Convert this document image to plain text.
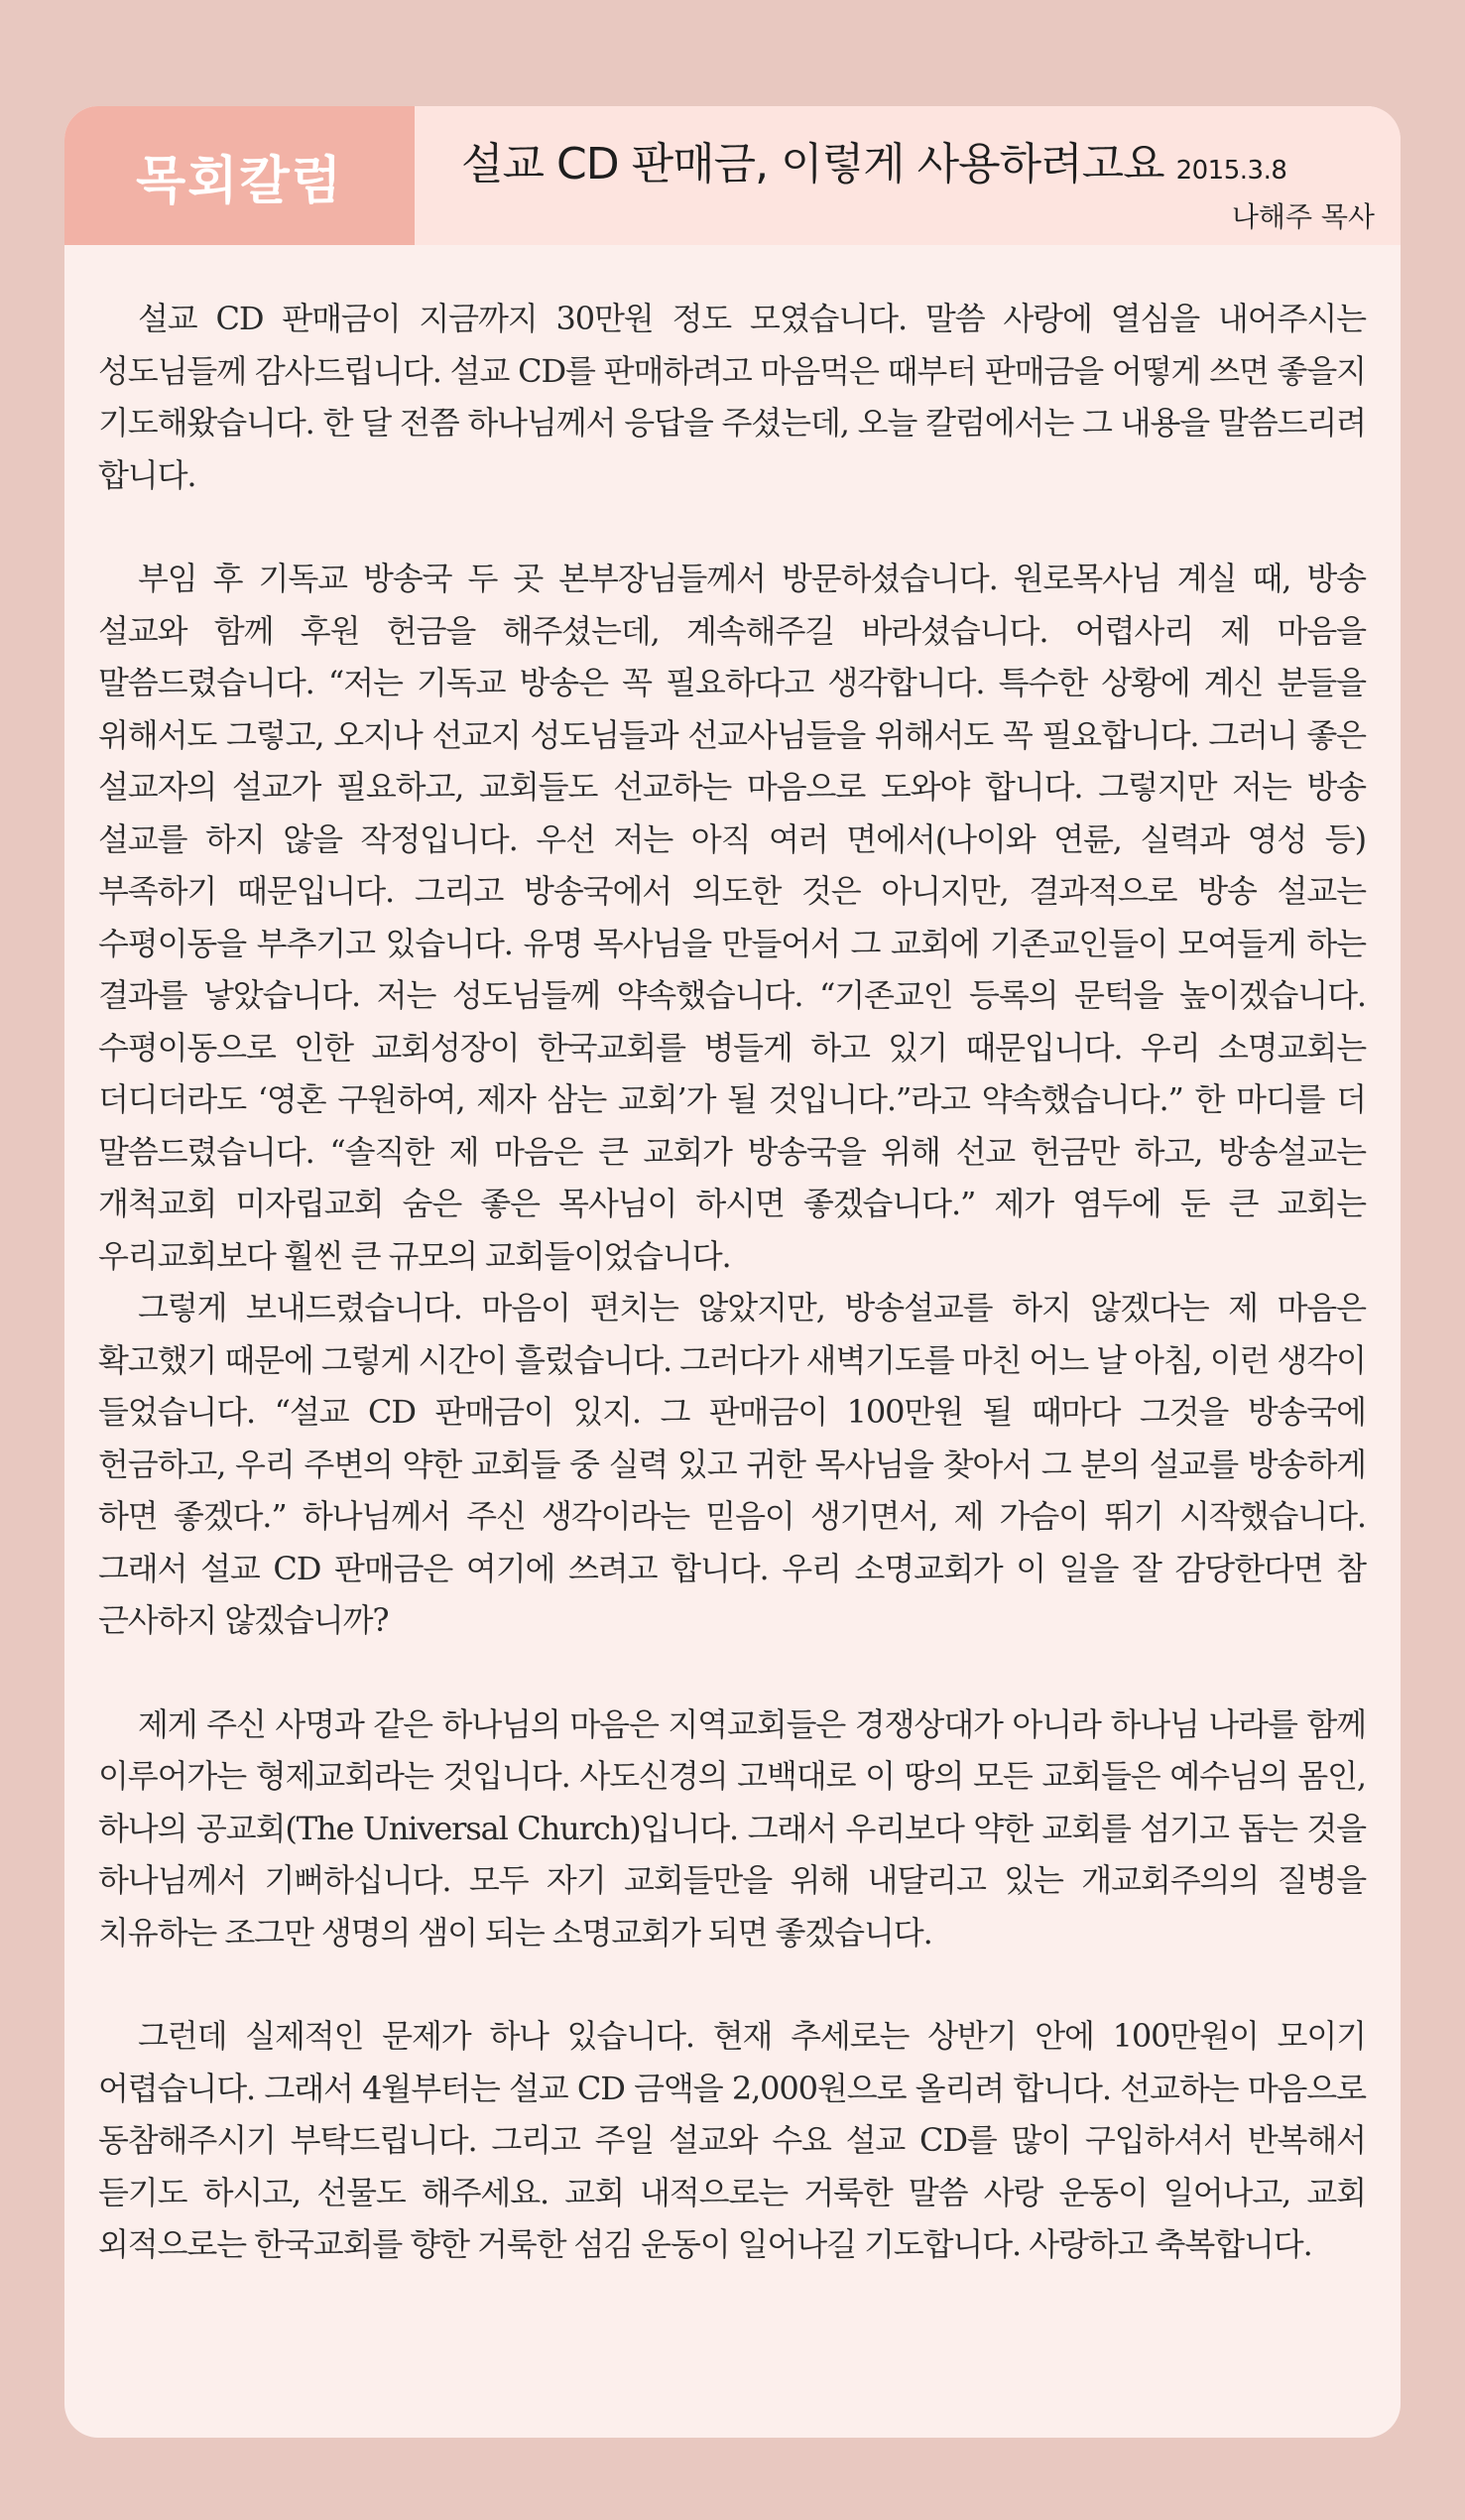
목회칼럼	설교 CD 판매금, 이렇게 사용하려고요 2015.3.8
나해주 목사

설교 CD 판매금이 지금까지 30만원 정도 모였습니다. 말씀 사랑에 열심을 내어주시는 성도님들께 감사드립니다. 설교 CD를 판매하려고 마음먹은 때부터 판매금을 어떻게 쓰면 좋을지 기도해왔습니다. 한 달 전쯤 하나님께서 응답을 주셨는데, 오늘 칼럼에서는 그 내용을 말씀드리려 합니다.

부임 후 기독교 방송국 두 곳 본부장님들께서 방문하셨습니다. 원로목사님 계실 때, 방송 설교와 함께 후원 헌금을 해주셨는데, 계속해주길 바라셨습니다. 어렵사리 제 마음을 말씀드렸습니다. “저는 기독교 방송은 꼭 필요하다고 생각합니다. 특수한 상황에 계신 분들을 위해서도 그렇고, 오지나 선교지 성도님들과 선교사님들을 위해서도 꼭 필요합니다. 그러니 좋은 설교자의 설교가 필요하고, 교회들도 선교하는 마음으로 도와야 합니다. 그렇지만 저는 방송 설교를 하지 않을 작정입니다. 우선 저는 아직 여러 면에서(나이와 연륜, 실력과 영성 등) 부족하기 때문입니다. 그리고 방송국에서 의도한 것은 아니지만, 결과적으로 방송 설교는 수평이동을 부추기고 있습니다. 유명 목사님을 만들어서 그 교회에 기존교인들이 모여들게 하는 결과를 낳았습니다. 저는 성도님들께 약속했습니다. “기존교인 등록의 문턱을 높이겠습니다. 수평이동으로 인한 교회성장이 한국교회를 병들게 하고 있기 때문입니다. 우리 소명교회는 더디더라도 ‘영혼 구원하여, 제자 삼는 교회’가 될 것입니다.”라고 약속했습니다.” 한 마디를 더 말씀드렸습니다. “솔직한 제 마음은 큰 교회가 방송국을 위해 선교 헌금만 하고, 방송설교는 개척교회 미자립교회 숨은 좋은 목사님이 하시면 좋겠습니다.” 제가 염두에 둔 큰 교회는 우리교회보다 훨씬 큰 규모의 교회들이었습니다.

그렇게 보내드렸습니다. 마음이 편치는 않았지만, 방송설교를 하지 않겠다는 제 마음은 확고했기 때문에 그렇게 시간이 흘렀습니다. 그러다가 새벽기도를 마친 어느 날 아침, 이런 생각이 들었습니다. “설교 CD 판매금이 있지. 그 판매금이 100만원 될 때마다 그것을 방송국에 헌금하고, 우리 주변의 약한 교회들 중 실력 있고 귀한 목사님을 찾아서 그 분의 설교를 방송하게 하면 좋겠다.” 하나님께서 주신 생각이라는 믿음이 생기면서, 제 가슴이 뛰기 시작했습니다. 그래서 설교 CD 판매금은 여기에 쓰려고 합니다. 우리 소명교회가 이 일을 잘 감당한다면 참 근사하지 않겠습니까?

제게 주신 사명과 같은 하나님의 마음은 지역교회들은 경쟁상대가 아니라 하나님 나라를 함께 이루어가는 형제교회라는 것입니다. 사도신경의 고백대로 이 땅의 모든 교회들은 예수님의 몸인, 하나의 공교회(The Universal Church)입니다. 그래서 우리보다 약한 교회를 섬기고 돕는 것을 하나님께서 기뻐하십니다. 모두 자기 교회들만을 위해 내달리고 있는 개교회주의의 질병을 치유하는 조그만 생명의 샘이 되는 소명교회가 되면 좋겠습니다.

그런데 실제적인 문제가 하나 있습니다. 현재 추세로는 상반기 안에 100만원이 모이기 어렵습니다. 그래서 4월부터는 설교 CD 금액을 2,000원으로 올리려 합니다. 선교하는 마음으로 동참해주시기 부탁드립니다. 그리고 주일 설교와 수요 설교 CD를 많이 구입하셔서 반복해서 듣기도 하시고, 선물도 해주세요. 교회 내적으로는 거룩한 말씀 사랑 운동이 일어나고, 교회 외적으로는 한국교회를 향한 거룩한 섬김 운동이 일어나길 기도합니다. 사랑하고 축복합니다.
